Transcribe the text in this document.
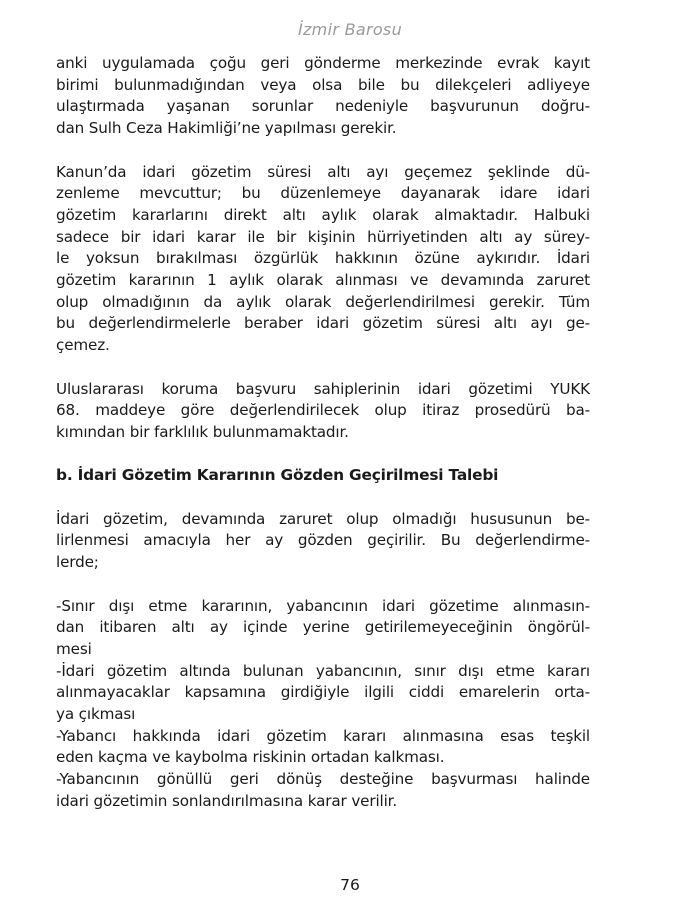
İzmir Barosu
anki uygulamada çoğu geri gönderme merkezinde evrak kayıt
birimi bulunmadığından veya olsa bile bu dilekçeleri adliyeye
ulaştırmada yaşanan sorunlar nedeniyle başvurunun doğru-
dan Sulh Ceza Hakimliği’ne yapılması gerekir.
Kanun’da idari gözetim süresi altı ayı geçemez şeklinde dü-
zenleme mevcuttur; bu düzenlemeye dayanarak idare idari
gözetim kararlarını direkt altı aylık olarak almaktadır. Halbuki
sadece bir idari karar ile bir kişinin hürriyetinden altı ay sürey-
le yoksun bırakılması özgürlük hakkının özüne aykırıdır. İdari
gözetim kararının 1 aylık olarak alınması ve devamında zaruret
olup olmadığının da aylık olarak değerlendirilmesi gerekir. Tüm
bu değerlendirmelerle beraber idari gözetim süresi altı ayı ge-
çemez.
Uluslararası koruma başvuru sahiplerinin idari gözetimi YUKK
68. maddeye göre değerlendirilecek olup itiraz prosedürü ba-
kımından bir farklılık bulunmamaktadır.
b. İdari Gözetim Kararının Gözden Geçirilmesi Talebi
İdari gözetim, devamında zaruret olup olmadığı hususunun be-
lirlenmesi amacıyla her ay gözden geçirilir. Bu değerlendirme-
lerde;
-Sınır dışı etme kararının, yabancının idari gözetime alınmasın-
dan itibaren altı ay içinde yerine getirilemeyeceğinin öngörül-
mesi
-İdari gözetim altında bulunan yabancının, sınır dışı etme kararı
alınmayacaklar kapsamına girdiğiyle ilgili ciddi emarelerin orta-
ya çıkması
-Yabancı hakkında idari gözetim kararı alınmasına esas teşkil
eden kaçma ve kaybolma riskinin ortadan kalkması.
-Yabancının gönüllü geri dönüş desteğine başvurması halinde
idari gözetimin sonlandırılmasına karar verilir.
76
